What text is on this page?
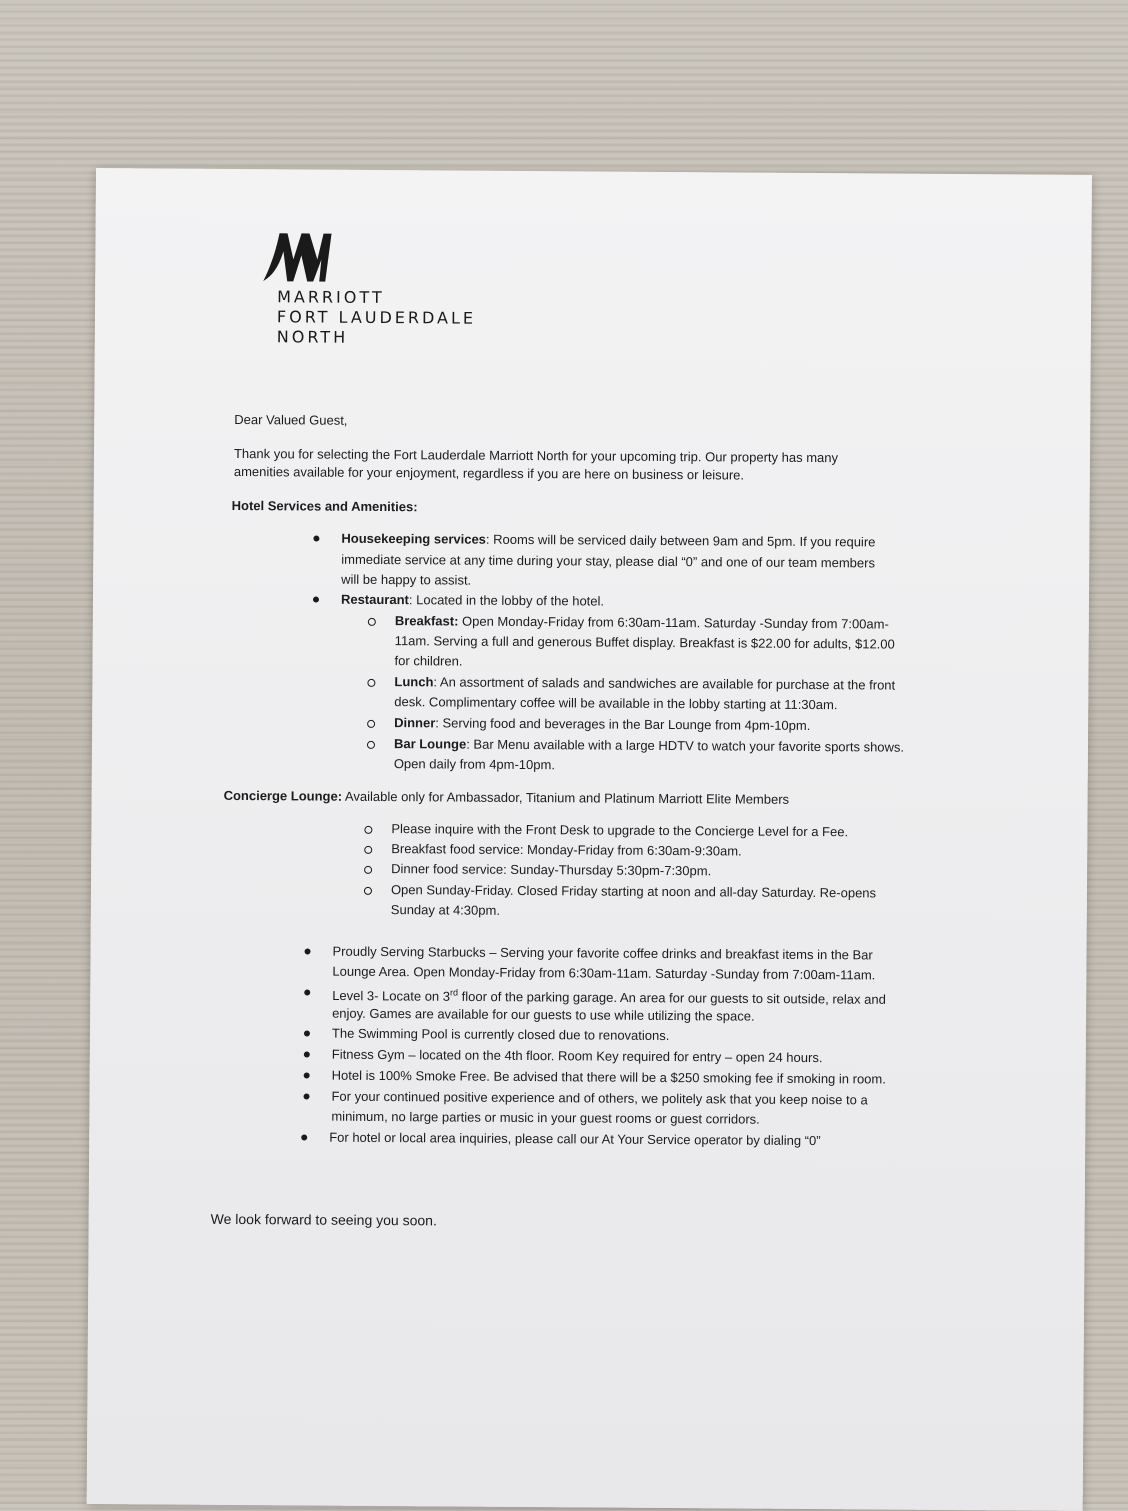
MARRIOTT
FORT LAUDERDALE
NORTH
Dear Valued Guest,
Thank you for selecting the Fort Lauderdale Marriott North for your upcoming trip. Our property has many
amenities available for your enjoyment, regardless if you are here on business or leisure.
Hotel Services and Amenities:
Housekeeping services: Rooms will be serviced daily between 9am and 5pm. If you require
immediate service at any time during your stay, please dial “0” and one of our team members
will be happy to assist.
Restaurant: Located in the lobby of the hotel.
Breakfast: Open Monday-Friday from 6:30am-11am. Saturday -Sunday from 7:00am-
11am. Serving a full and generous Buffet display. Breakfast is $22.00 for adults, $12.00
for children.
Lunch: An assortment of salads and sandwiches are available for purchase at the front
desk. Complimentary coffee will be available in the lobby starting at 11:30am.
Dinner: Serving food and beverages in the Bar Lounge from 4pm-10pm.
Bar Lounge: Bar Menu available with a large HDTV to watch your favorite sports shows.
Open daily from 4pm-10pm.
Concierge Lounge: Available only for Ambassador, Titanium and Platinum Marriott Elite Members
Please inquire with the Front Desk to upgrade to the Concierge Level for a Fee.
Breakfast food service: Monday-Friday from 6:30am-9:30am.
Dinner food service: Sunday-Thursday 5:30pm-7:30pm.
Open Sunday-Friday. Closed Friday starting at noon and all-day Saturday. Re-opens
Sunday at 4:30pm.
Proudly Serving Starbucks – Serving your favorite coffee drinks and breakfast items in the Bar
Lounge Area. Open Monday-Friday from 6:30am-11am. Saturday -Sunday from 7:00am-11am.
Level 3- Locate on 3rd floor of the parking garage. An area for our guests to sit outside, relax and
enjoy. Games are available for our guests to use while utilizing the space.
The Swimming Pool is currently closed due to renovations.
Fitness Gym – located on the 4th floor. Room Key required for entry – open 24 hours.
Hotel is 100% Smoke Free. Be advised that there will be a $250 smoking fee if smoking in room.
For your continued positive experience and of others, we politely ask that you keep noise to a
minimum, no large parties or music in your guest rooms or guest corridors.
For hotel or local area inquiries, please call our At Your Service operator by dialing “0”
We look forward to seeing you soon.
